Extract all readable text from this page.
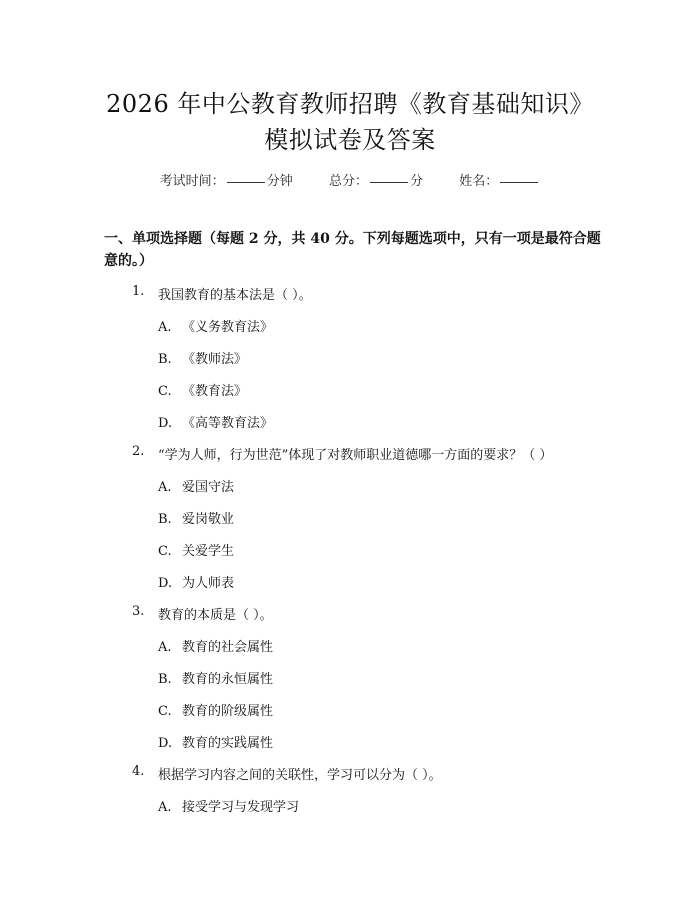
2026 年中公教育教师招聘《教育基础知识》
模拟试卷及答案
考试时间：	分钟	总分：	分	姓名：
一、单项选择题（每题 2 分，共 40 分。下列每题选项中，只有一项是最符合题意的。）
1. 我国教育的基本法是（ ）。
A. 《义务教育法》
B. 《教师法》
C. 《教育法》
D. 《高等教育法》
2. “学为人师，行为世范”体现了对教师职业道德哪一方面的要求？（ ）
A. 爱国守法
B. 爱岗敬业
C. 关爱学生
D. 为人师表
3. 教育的本质是（ ）。
A. 教育的社会属性
B. 教育的永恒属性
C. 教育的阶级属性
D. 教育的实践属性
4. 根据学习内容之间的关联性，学习可以分为（ ）。
A. 接受学习与发现学习
